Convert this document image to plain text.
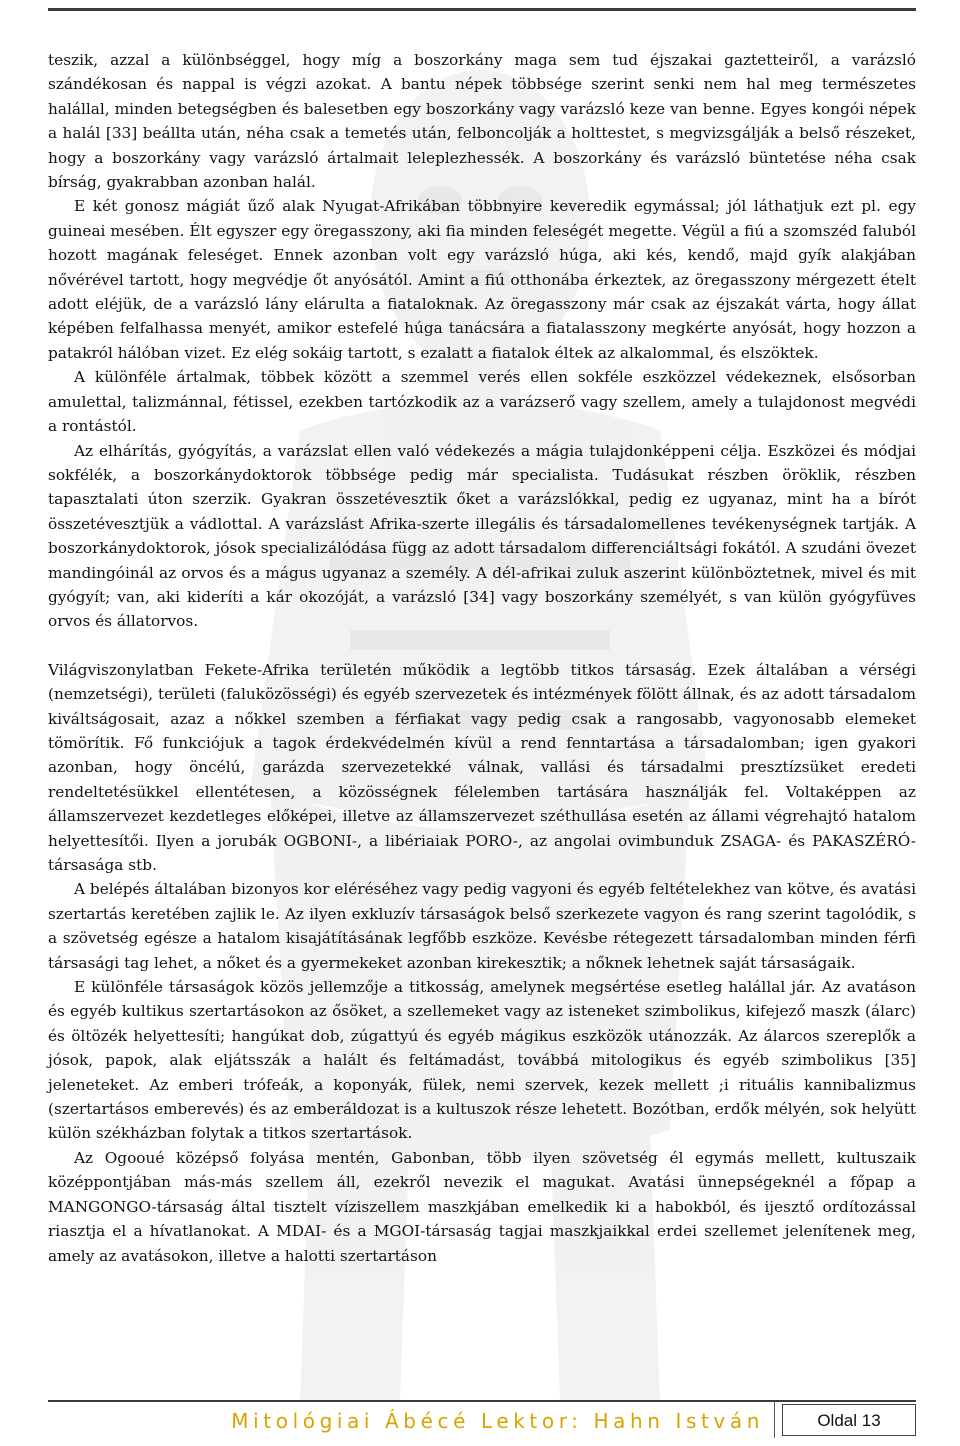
teszik, azzal a különbséggel, hogy míg a boszorkány maga sem tud éjszakai gaztetteiről, a varázsló szándékosan és nappal is végzi azokat. A bantu népek többsége szerint senki nem hal meg természetes halállal, minden betegségben és balesetben egy boszorkány vagy varázsló keze van benne. Egyes kongói népek a halál [33] beállta után, néha csak a temetés után, felboncolják a holttestet, s megvizsgálják a belső részeket, hogy a boszorkány vagy varázsló ártalmait leleplezhessék. A boszorkány és varázsló büntetése néha csak bírság, gyakrabban azonban halál.

E két gonosz mágiát űző alak Nyugat-Afrikában többnyire keveredik egymással; jól láthatjuk ezt pl. egy guineai mesében. Élt egyszer egy öregasszony, aki fia minden feleségét megette. Végül a fiú a szomszéd faluból hozott magának feleséget. Ennek azonban volt egy varázsló húga, aki kés, kendő, majd gyík alakjában nővérével tartott, hogy megvédje őt anyósától. Amint a fiú otthonába érkeztek, az öregasszony mérgezett ételt adott eléjük, de a varázsló lány elárulta a fiataloknak. Az öregasszony már csak az éjszakát várta, hogy állat képében felfalhassa menyét, amikor estefelé húga tanácsára a fiatalasszony megkérte anyósát, hogy hozzon a patakról hálóban vizet. Ez elég sokáig tartott, s ezalatt a fiatalok éltek az alkalommal, és elszöktek.

A különféle ártalmak, többek között a szemmel verés ellen sokféle eszközzel védekeznek, elsősorban amulettal, talizmánnal, fétissel, ezekben tartózkodik az a varázserő vagy szellem, amely a tulajdonost megvédi a rontástól.

Az elhárítás, gyógyítás, a varázslat ellen való védekezés a mágia tulajdonképpeni célja. Eszközei és módjai sokfélék, a boszorkánydoktorok többsége pedig már specialista. Tudásukat részben öröklik, részben tapasztalati úton szerzik. Gyakran összetévesztik őket a varázslókkal, pedig ez ugyanaz, mint ha a bírót összetévesztjük a vádlottal. A varázslást Afrika-szerte illegális és társadalomellenes tevékenységnek tartják. A boszorkánydoktorok, jósok specializálódása függ az adott társadalom differenciáltsági fokától. A szudáni övezet mandingóinál az orvos és a mágus ugyanaz a személy. A dél-afrikai zuluk aszerint különböztetnek, mivel és mit gyógyít; van, aki kideríti a kár okozóját, a varázsló [34] vagy boszorkány személyét, s van külön gyógyfüves orvos és állatorvos.

Világviszonylatban Fekete-Afrika területén működik a legtöbb titkos társaság. Ezek általában a vérségi (nemzetségi), területi (faluközösségi) és egyéb szervezetek és intézmények fölött állnak, és az adott társadalom kiváltságosait, azaz a nőkkel szemben a férfiakat vagy pedig csak a rangosabb, vagyonosabb elemeket tömörítik. Fő funkciójuk a tagok érdekvédelmén kívül a rend fenntartása a társadalomban; igen gyakori azonban, hogy öncélú, garázda szervezetekké válnak, vallási és társadalmi presztízsüket eredeti rendeltetésükkel ellentétesen, a közösségnek félelemben tartására használják fel. Voltaképpen az államszervezet kezdetleges előképei, illetve az államszervezet széthullása esetén az állami végrehajtó hatalom helyettesítői. Ilyen a jorubák OGBONI-, a libériaiak PORO-, az angolai ovimbunduk ZSAGA- és PAKASZÉRÓ-társasága stb.

A belépés általában bizonyos kor eléréséhez vagy pedig vagyoni és egyéb feltételekhez van kötve, és avatási szertartás keretében zajlik le. Az ilyen exkluzív társaságok belső szerkezete vagyon és rang szerint tagolódik, s a szövetség egésze a hatalom kisajátításának legfőbb eszköze. Kevésbe rétegezett társadalomban minden férfi társasági tag lehet, a nőket és a gyermekeket azonban kirekesztik; a nőknek lehetnek saját társaságaik.

E különféle társaságok közös jellemzője a titkosság, amelynek megsértése esetleg halállal jár. Az avatáson és egyéb kultikus szertartásokon az ősöket, a szellemeket vagy az isteneket szimbolikus, kifejező maszk (álarc) és öltözék helyettesíti; hangúkat dob, zúgattyú és egyéb mágikus eszközök utánozzák. Az álarcos szereplők a jósok, papok, alak eljátsszák a halált és feltámadást, továbbá mitologikus és egyéb szimbolikus [35] jeleneteket. Az emberi trófeák, a koponyák, fülek, nemi szervek, kezek mellett ;i rituális kannibalizmus (szertartásos emberevés) és az emberáldozat is a kultuszok része lehetett. Bozótban, erdők mélyén, sok helyütt külön székházban folytak a titkos szertartások.

Az Ogooué középső folyása mentén, Gabonban, több ilyen szövetség él egymás mellett, kultuszaik középpontjában más-más szellem áll, ezekről nevezik el magukat. Avatási ünnepségeknél a főpap a MANGONGO-társaság által tisztelt víziszellem maszkjában emelkedik ki a habokból, és ijesztő ordítozással riasztja el a hívatlanokat. A MDAI- és a MGOI-társaság tagjai maszkjaikkal erdei szellemet jelenítenek meg, amely az avatásokon, illetve a halotti szertartáson

Mitológiai Ábécé Lektor: Hahn István	Oldal 13
